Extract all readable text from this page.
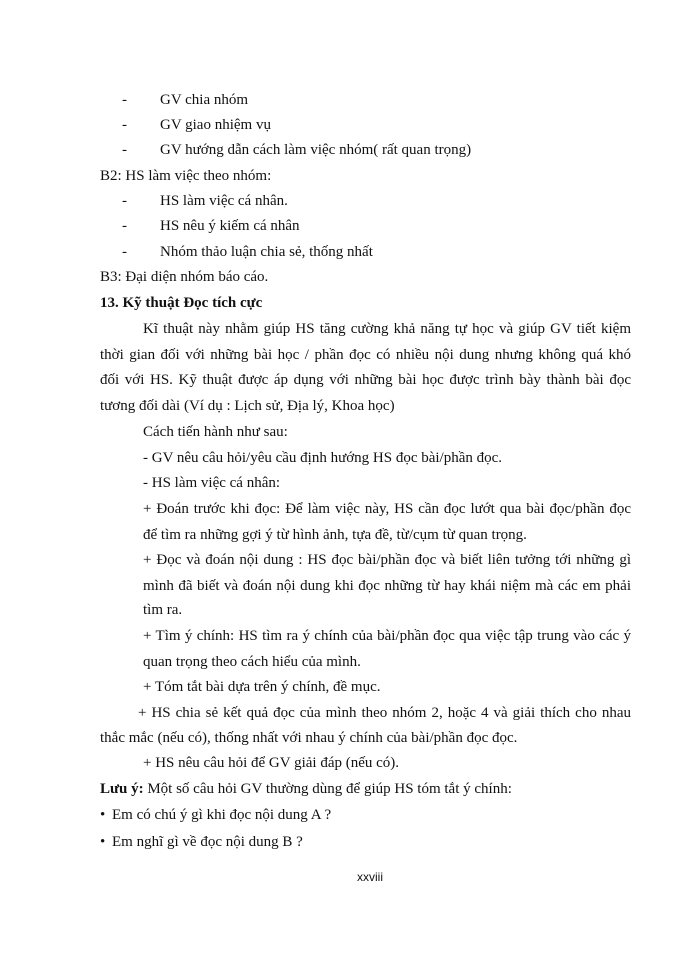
- GV chia nhóm
- GV giao nhiệm vụ
- GV hướng dẫn cách làm việc nhóm( rất quan trọng)
B2: HS làm việc theo nhóm:
- HS làm việc cá nhân.
- HS nêu ý kiếm cá nhân
- Nhóm thảo luận chia sẻ, thống nhất
B3: Đại diện nhóm báo cáo.
13. Kỹ thuật Đọc tích cực
Kĩ thuật này nhằm giúp HS tăng cường khả năng tự học và giúp GV tiết kiệm
thời gian đối với những bài học / phần đọc có nhiều nội dung nhưng không quá khó
đối với HS. Kỹ thuật được áp dụng với những bài học được trình bày thành bài đọc
tương đối dài (Ví dụ : Lịch sử, Địa lý, Khoa học)
Cách tiến hành như sau:
- GV nêu câu hỏi/yêu cầu định hướng HS đọc bài/phần đọc.
- HS làm việc cá nhân:
+ Đoán trước khi đọc: Để làm việc này, HS cần đọc lướt qua bài đọc/phần đọc
để tìm ra những gợi ý từ hình ảnh, tựa đề, từ/cụm từ quan trọng.
+ Đọc và đoán nội dung : HS đọc bài/phần đọc và biết liên tưởng tới những gì
mình đã biết và đoán nội dung khi đọc những từ hay khái niệm mà các em phải
tìm ra.
+ Tìm ý chính: HS tìm ra ý chính của bài/phần đọc qua việc tập trung vào các ý
quan trọng theo cách hiểu của mình.
+ Tóm tắt bài dựa trên ý chính, đề mục.
+ HS chia sẻ kết quả đọc của mình theo nhóm 2, hoặc 4 và giải thích cho nhau
thắc mắc (nếu có), thống nhất với nhau ý chính của bài/phần đọc đọc.
+ HS nêu câu hỏi để GV giải đáp (nếu có).
Lưu ý: Một số câu hỏi GV thường dùng để giúp HS tóm tắt ý chính:
• Em có chú ý gì khi đọc nội dung A ?
• Em nghĩ gì về đọc nội dung B ?
xxviii
